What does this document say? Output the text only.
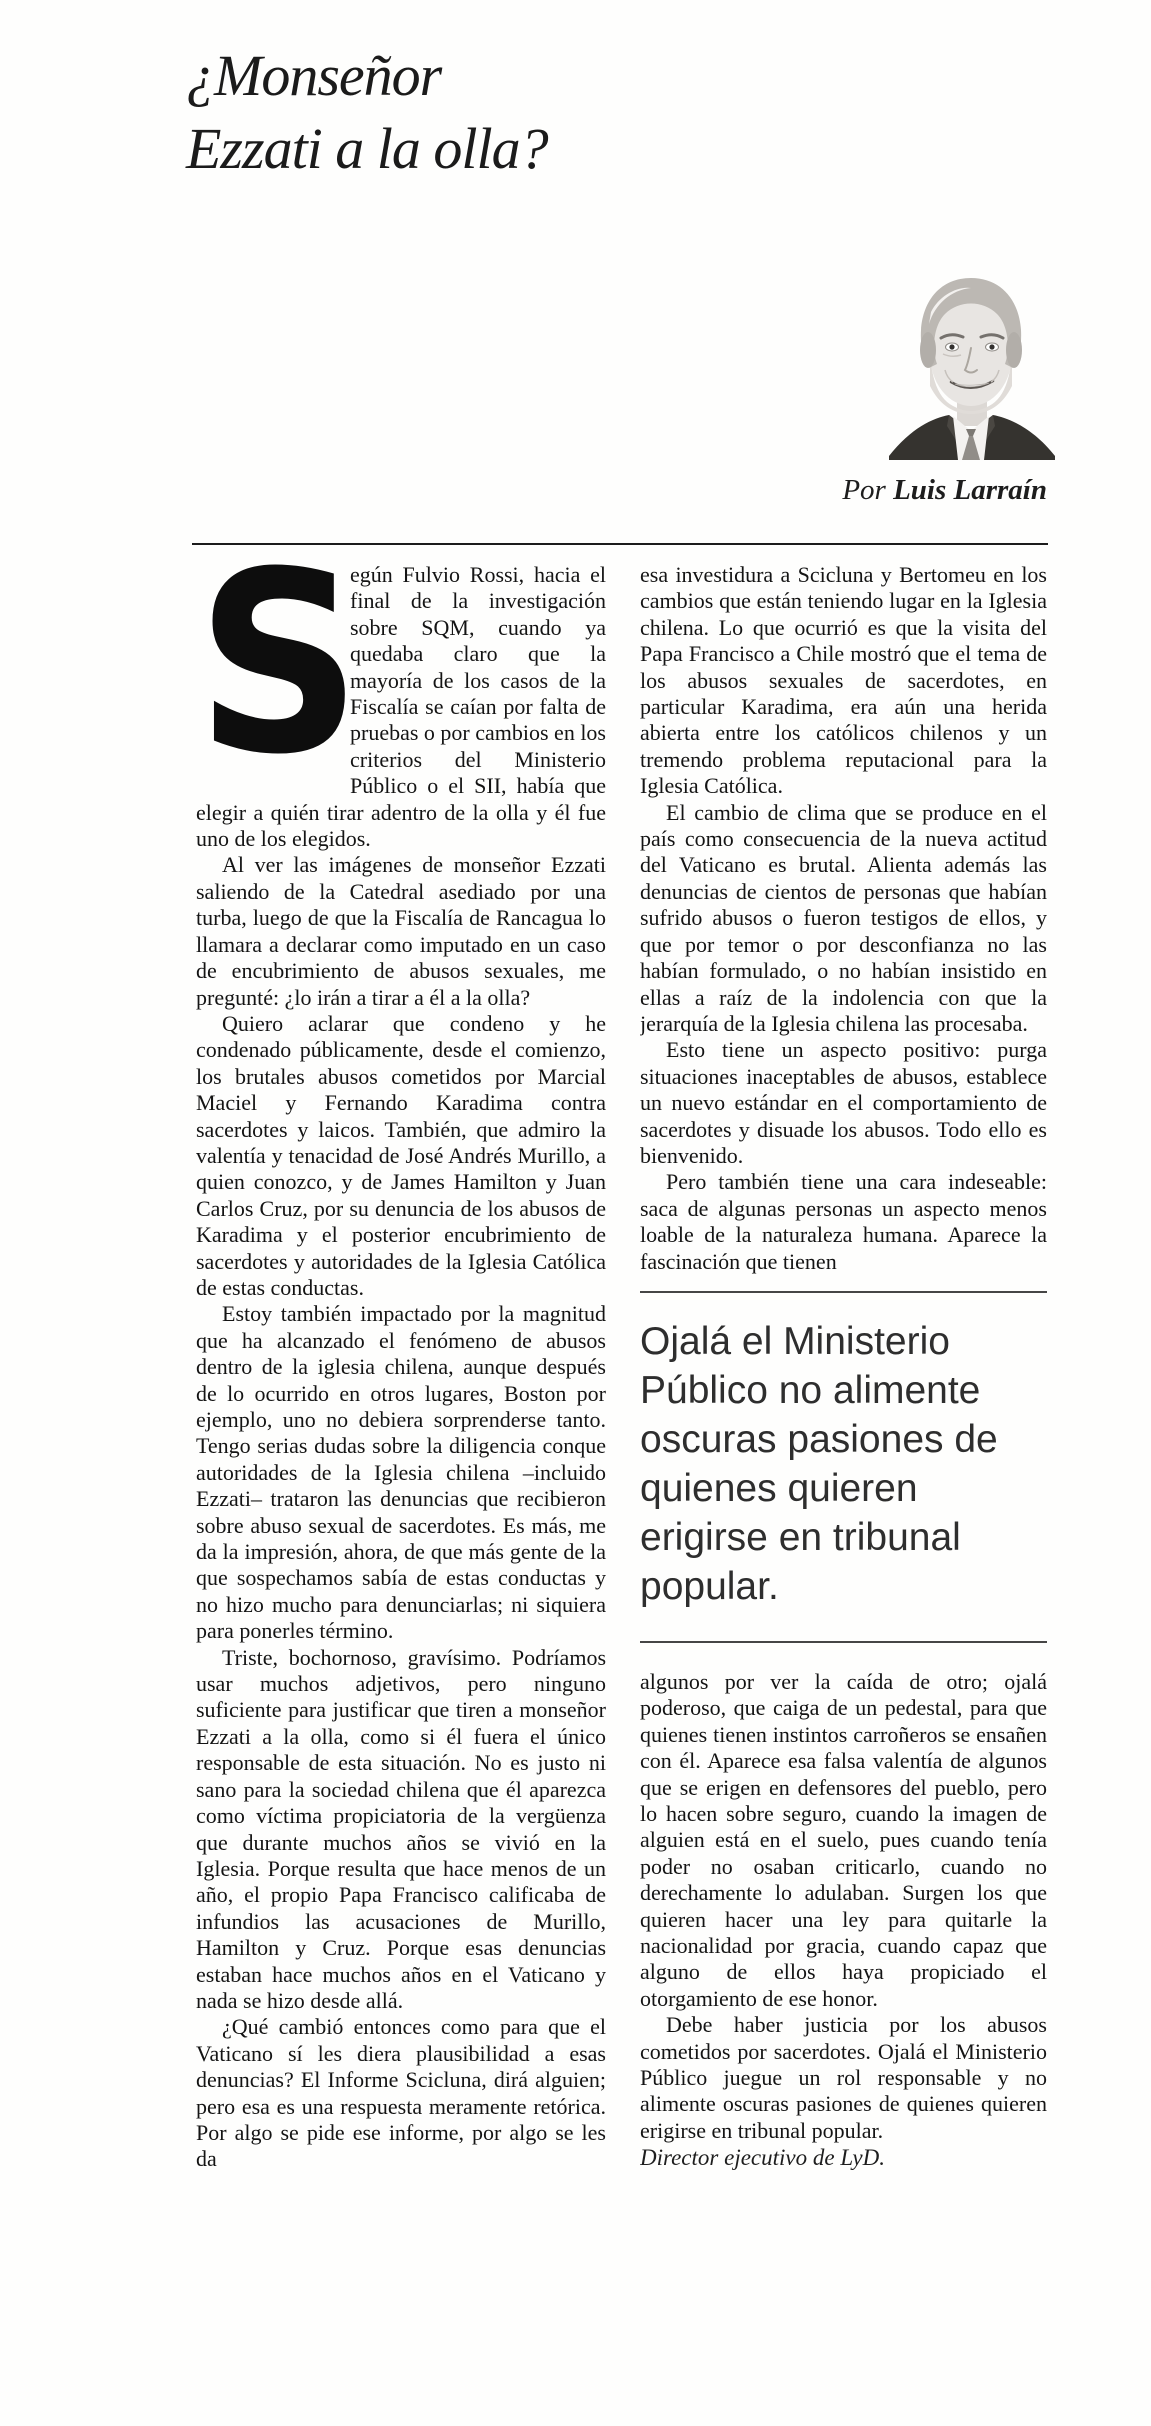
¿Monseñor
Ezzati a la olla?
Por Luis Larraín

S
egún Fulvio Rossi, hacia el final de la investigación sobre SQM, cuando ya quedaba claro que la mayoría de los casos de la Fiscalía se caían por falta de pruebas o por cambios en los criterios del Ministerio Público o el SII, había que elegir a quién tirar adentro de la olla y él fue uno de los elegidos.

Al ver las imágenes de monseñor Ezzati saliendo de la Catedral asediado por una turba, luego de que la Fiscalía de Rancagua lo llamara a declarar como imputado en un caso de encubrimiento de abusos sexuales, me pregunté: ¿lo irán a tirar a él a la olla?

Quiero aclarar que condeno y he condenado públicamente, desde el comienzo, los brutales abusos cometidos por Marcial Maciel y Fernando Karadima contra sacerdotes y laicos. También, que admiro la valentía y tenacidad de José Andrés Murillo, a quien conozco, y de James Hamilton y Juan Carlos Cruz, por su denuncia de los abusos de Karadima y el posterior encubrimiento de sacerdotes y autoridades de la Iglesia Católica de estas conductas.

Estoy también impactado por la magnitud que ha alcanzado el fenómeno de abusos dentro de la iglesia chilena, aunque después de lo ocurrido en otros lugares, Boston por ejemplo, uno no debiera sorprenderse tanto. Tengo serias dudas sobre la diligencia conque autoridades de la Iglesia chilena –incluido Ezzati– trataron las denuncias que recibieron sobre abuso sexual de sacerdotes. Es más, me da la impresión, ahora, de que más gente de la que sospechamos sabía de estas conductas y no hizo mucho para denunciarlas; ni siquiera para ponerles término.

Triste, bochornoso, gravísimo. Podríamos usar muchos adjetivos, pero ninguno suficiente para justificar que tiren a monseñor Ezzati a la olla, como si él fuera el único responsable de esta situación. No es justo ni sano para la sociedad chilena que él aparezca como víctima propiciatoria de la vergüenza que durante muchos años se vivió en la Iglesia. Porque resulta que hace menos de un año, el propio Papa Francisco calificaba de infundios las acusaciones de Murillo, Hamilton y Cruz. Porque esas denuncias estaban hace muchos años en el Vaticano y nada se hizo desde allá.

¿Qué cambió entonces como para que el Vaticano sí les diera plausibilidad a esas denuncias? El Informe Scicluna, dirá alguien; pero esa es una respuesta meramente retórica. Por algo se pide ese informe, por algo se les da

esa investidura a Scicluna y Bertomeu en los cambios que están teniendo lugar en la Iglesia chilena. Lo que ocurrió es que la visita del Papa Francisco a Chile mostró que el tema de los abusos sexuales de sacerdotes, en particular Karadima, era aún una herida abierta entre los católicos chilenos y un tremendo problema reputacional para la Iglesia Católica.

El cambio de clima que se produce en el país como consecuencia de la nueva actitud del Vaticano es brutal. Alienta además las denuncias de cientos de personas que habían sufrido abusos o fueron testigos de ellos, y que por temor o por desconfianza no las habían formulado, o no habían insistido en ellas a raíz de la indolencia con que la jerarquía de la Iglesia chilena las procesaba.

Esto tiene un aspecto positivo: purga situaciones inaceptables de abusos, establece un nuevo estándar en el comportamiento de sacerdotes y disuade los abusos. Todo ello es bienvenido.

Pero también tiene una cara indeseable: saca de algunas personas un aspecto menos loable de la naturaleza humana. Aparece la fascinación que tienen

Ojalá el Ministerio Público no alimente oscuras pasiones de quienes quieren erigirse en tribunal popular.

algunos por ver la caída de otro; ojalá poderoso, que caiga de un pedestal, para que quienes tienen instintos carroñeros se ensañen con él. Aparece esa falsa valentía de algunos que se erigen en defensores del pueblo, pero lo hacen sobre seguro, cuando la imagen de alguien está en el suelo, pues cuando tenía poder no osaban criticarlo, cuando no derechamente lo adulaban. Surgen los que quieren hacer una ley para quitarle la nacionalidad por gracia, cuando capaz que alguno de ellos haya propiciado el otorgamiento de ese honor.

Debe haber justicia por los abusos cometidos por sacerdotes. Ojalá el Ministerio Público juegue un rol responsable y no alimente oscuras pasiones de quienes quieren erigirse en tribunal popular.

Director ejecutivo de LyD.
